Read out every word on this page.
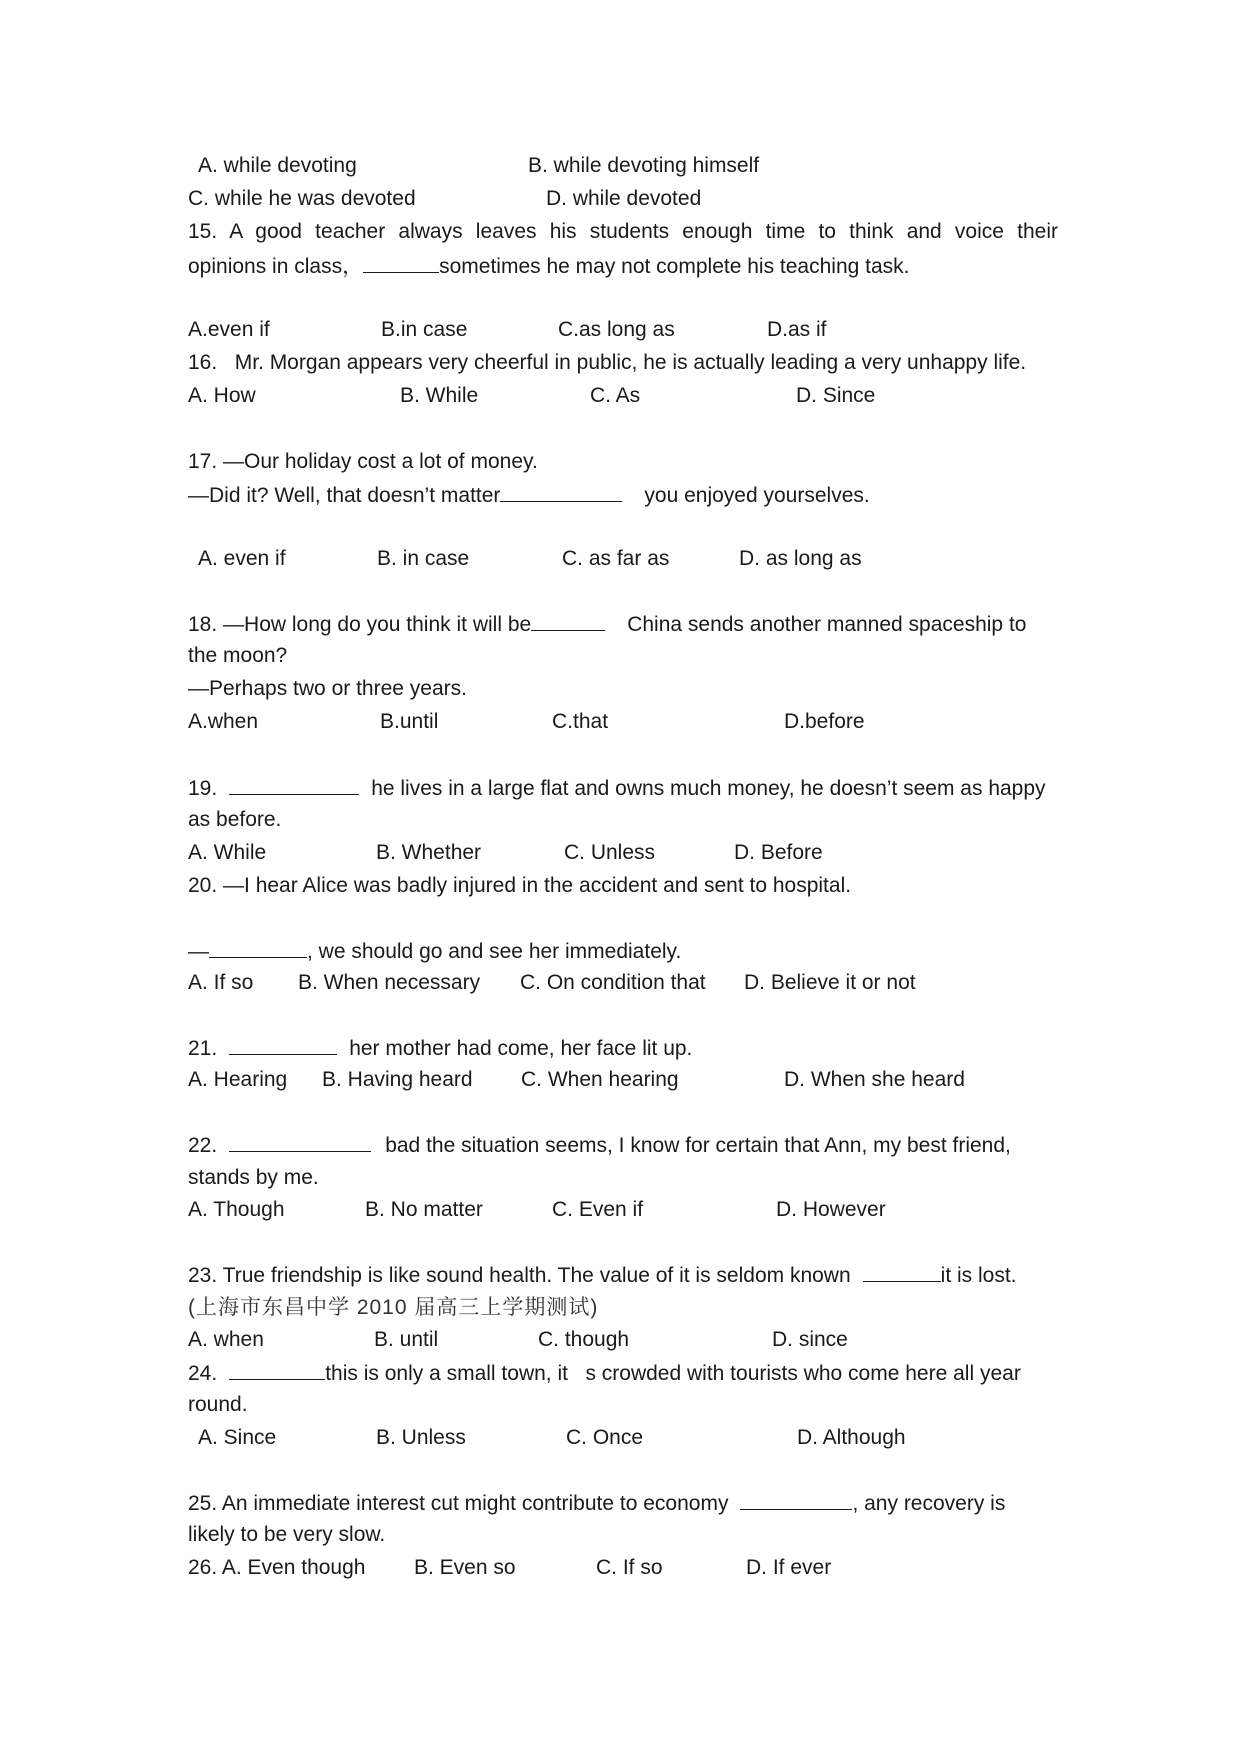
A. while devoting	B. while devoting himself
C. while he was devoted	D. while devoted
15. A good teacher always leaves his students enough time to think and voice their
opinions in class，	sometimes he may not complete his teaching task.
A.even if	B.in case	C.as long as	D.as if
16.   Mr. Morgan appears very cheerful in public, he is actually leading a very unhappy life.
A. How	B. While	C. As	D. Since
17. —Our holiday cost a lot of money.
—Did it? Well, that doesn’t matter	you enjoyed yourselves.
A. even if	B. in case	C. as far as	D. as long as
18. —How long do you think it will be	China sends another manned spaceship to
the moon?
—Perhaps two or three years.
A.when	B.until	C.that	D.before
19.	he lives in a large flat and owns much money, he doesn’t seem as happy
as before.
A. While	B. Whether	C. Unless	D. Before
20. —I hear Alice was badly injured in the accident and sent to hospital.
—	, we should go and see her immediately.
A. If so B. When necessary C. On condition that D. Believe it or not
21.	her mother had come, her face lit up.
A. Hearing B. Having heard C. When hearing	D. When she heard
22.	bad the situation seems, I know for certain that Ann, my best friend,
stands by me.
A. Though	B. No matter	C. Even if	D. However
23. True friendship is like sound health. The value of it is seldom known	it is lost.
(上海市东昌中学 2010 届高三上学期测试)
A. when	B. until	C. though	D. since
24.	this is only a small town, it   s crowded with tourists who come here all year
round.
A. Since	B. Unless	C. Once	D. Although
25. An immediate interest cut might contribute to economy	, any recovery is
likely to be very slow.
26. A. Even though B. Even so	C. If so	D. If ever
